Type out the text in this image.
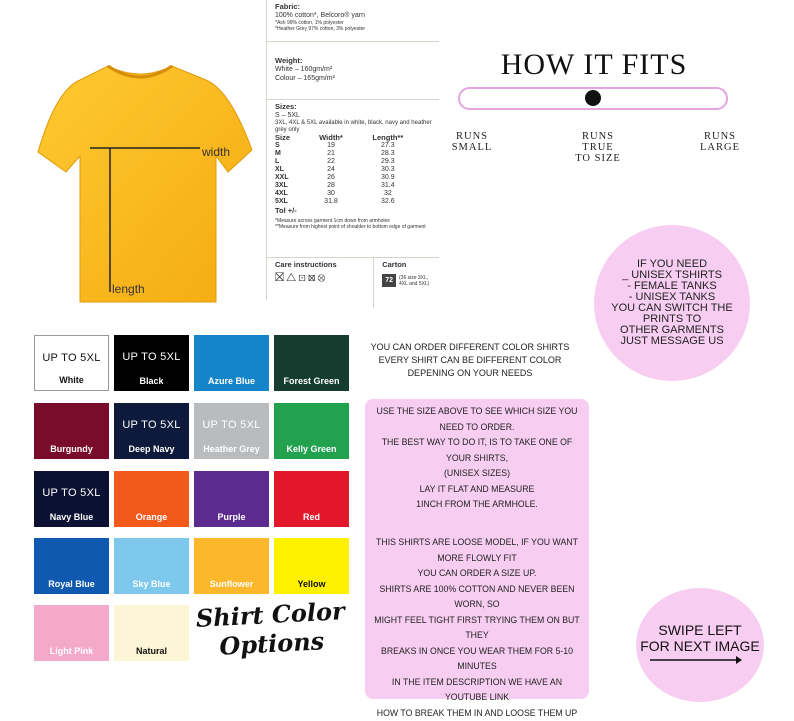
width
length
Fabric:
100% cotton*, Belcoro® yarn
*Ash 99% cotton, 1% polyester
*Heather Grey 97% cotton, 3% polyester
Weight:
White – 160gm/m²
Colour – 165gm/m²
Sizes:
S – 5XL
3XL, 4XL & 5XL available in white, black, navy and heather grey only
Size	Width*	Length**
S	19	27.3
M	21	28.3
L	22	29.3
XL	24	30.3
XXL	26	30.9
3XL	28	31.4
4XL	30	32
5XL	31.8	32.6
Tol +/-
*Measure across garment 1cm down from armholes
**Measure from highest point of shoulder to bottom edge of garment
Care instructions
⛝△⊡⊠⊗
Carton
72	(36 size 3XL, 4XL and 5XL)
HOW IT FITS
RUNS
SMALL
RUNS
TRUE
TO SIZE
RUNS
LARGE
IF YOU NEED
_ UNISEX TSHIRTS
- FEMALE TANKS
- UNISEX TANKS
YOU CAN SWITCH THE
PRINTS TO
OTHER GARMENTS
JUST MESSAGE US
UP TO 5XL
White
UP TO 5XL
Black	Azure Blue	Forest Green
Burgundy
UP TO 5XL
Deep Navy
UP TO 5XL
Heather Grey	Kelly Green
UP TO 5XL
Navy Blue	Orange	Purple	Red
Royal Blue	Sky Blue	Sunflower	Yellow
Light Pink	Natural
Shirt Color
Options
YOU CAN ORDER DIFFERENT COLOR SHIRTS
EVERY SHIRT CAN BE DIFFERENT COLOR
DEPENING ON YOUR NEEDS
USE THE SIZE ABOVE TO SEE WHICH SIZE YOU NEED TO ORDER.
THE BEST WAY TO DO IT, IS TO TAKE ONE OF YOUR SHIRTS,
(UNISEX SIZES)
LAY IT FLAT AND MEASURE
1INCH FROM THE ARMHOLE.
THIS SHIRTS ARE LOOSE MODEL, IF YOU WANT MORE FLOWLY FIT
YOU CAN ORDER A SIZE UP.
SHIRTS ARE 100% COTTON AND NEVER BEEN WORN, SO
MIGHT FEEL TIGHT FIRST TRYING THEM ON BUT THEY
BREAKS IN ONCE YOU WEAR THEM FOR 5-10 MINUTES
IN THE ITEM DESCRIPTION WE HAVE AN YOUTUBE LINK
HOW TO BREAK THEM IN AND LOOSE THEM UP
SWIPE LEFT
FOR NEXT IMAGE
